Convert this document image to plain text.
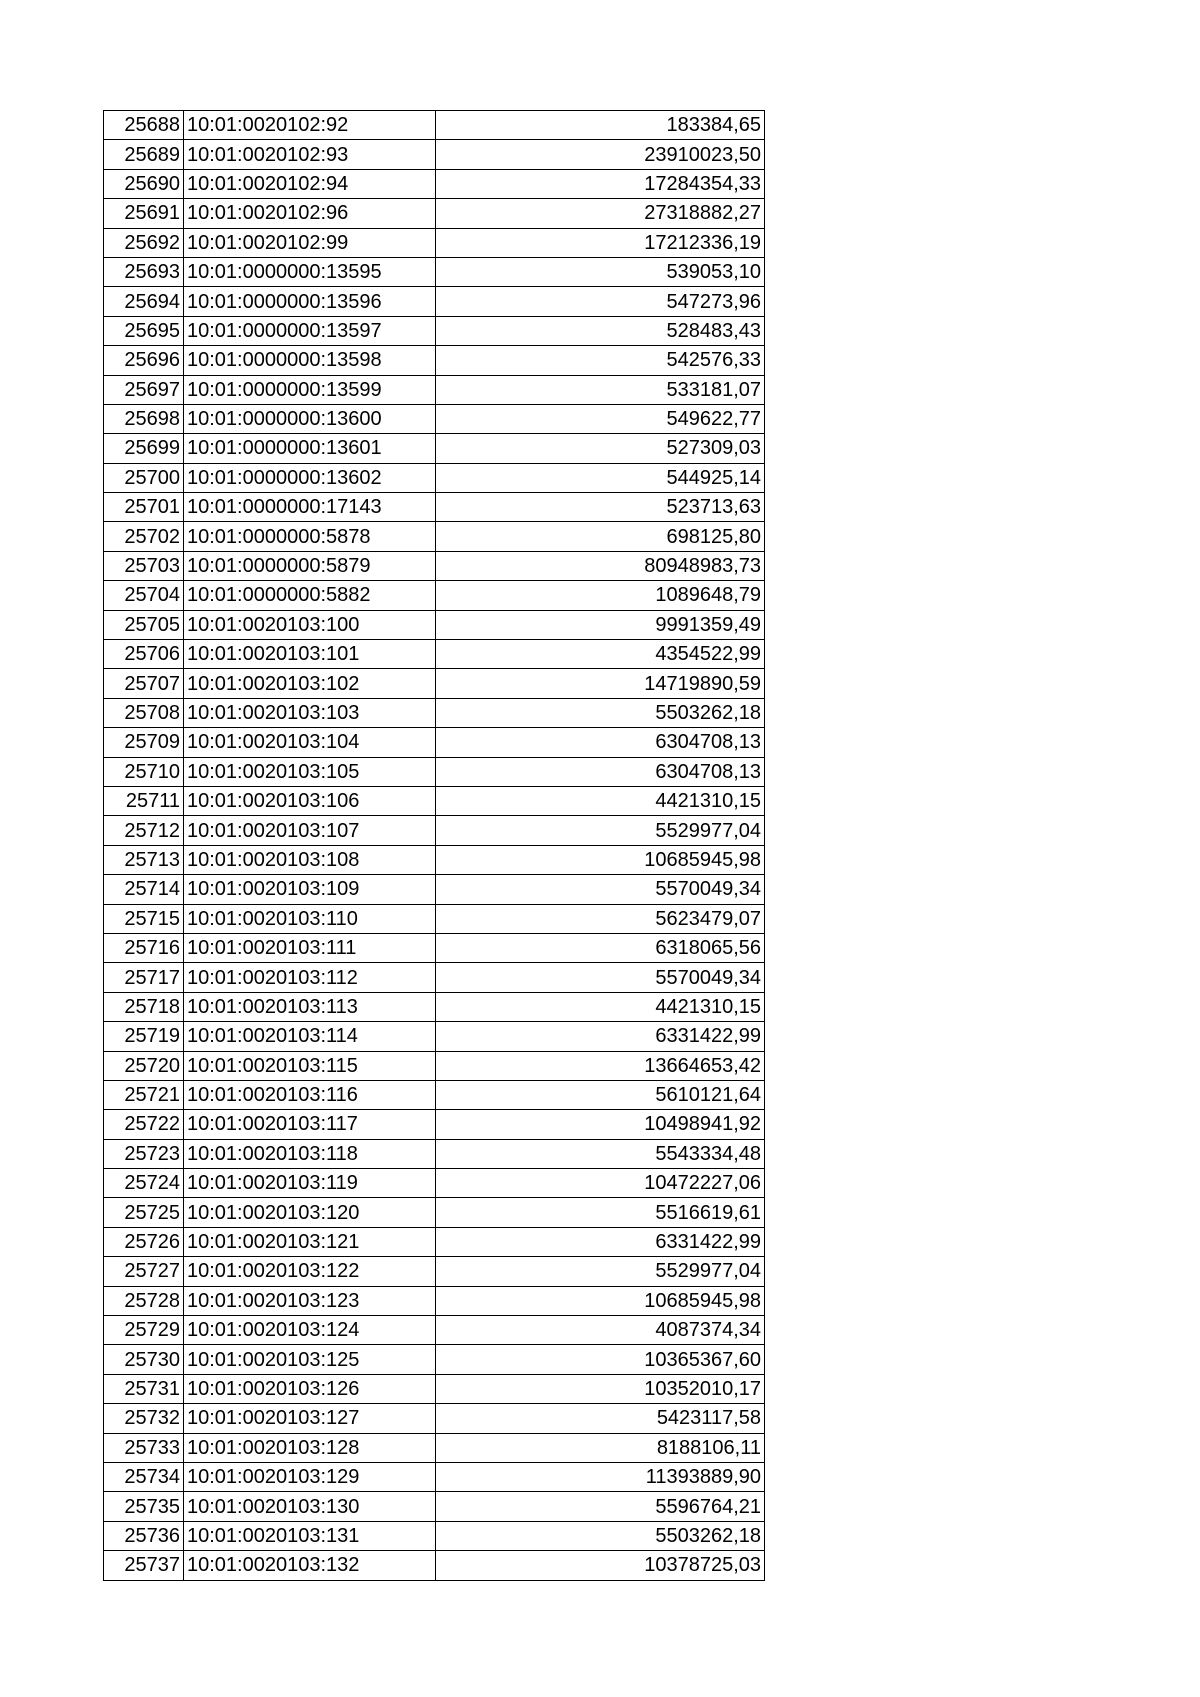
25688	10:01:0020102:92	183384,65
25689	10:01:0020102:93	23910023,50
25690	10:01:0020102:94	17284354,33
25691	10:01:0020102:96	27318882,27
25692	10:01:0020102:99	17212336,19
25693	10:01:0000000:13595	539053,10
25694	10:01:0000000:13596	547273,96
25695	10:01:0000000:13597	528483,43
25696	10:01:0000000:13598	542576,33
25697	10:01:0000000:13599	533181,07
25698	10:01:0000000:13600	549622,77
25699	10:01:0000000:13601	527309,03
25700	10:01:0000000:13602	544925,14
25701	10:01:0000000:17143	523713,63
25702	10:01:0000000:5878	698125,80
25703	10:01:0000000:5879	80948983,73
25704	10:01:0000000:5882	1089648,79
25705	10:01:0020103:100	9991359,49
25706	10:01:0020103:101	4354522,99
25707	10:01:0020103:102	14719890,59
25708	10:01:0020103:103	5503262,18
25709	10:01:0020103:104	6304708,13
25710	10:01:0020103:105	6304708,13
25711	10:01:0020103:106	4421310,15
25712	10:01:0020103:107	5529977,04
25713	10:01:0020103:108	10685945,98
25714	10:01:0020103:109	5570049,34
25715	10:01:0020103:110	5623479,07
25716	10:01:0020103:111	6318065,56
25717	10:01:0020103:112	5570049,34
25718	10:01:0020103:113	4421310,15
25719	10:01:0020103:114	6331422,99
25720	10:01:0020103:115	13664653,42
25721	10:01:0020103:116	5610121,64
25722	10:01:0020103:117	10498941,92
25723	10:01:0020103:118	5543334,48
25724	10:01:0020103:119	10472227,06
25725	10:01:0020103:120	5516619,61
25726	10:01:0020103:121	6331422,99
25727	10:01:0020103:122	5529977,04
25728	10:01:0020103:123	10685945,98
25729	10:01:0020103:124	4087374,34
25730	10:01:0020103:125	10365367,60
25731	10:01:0020103:126	10352010,17
25732	10:01:0020103:127	5423117,58
25733	10:01:0020103:128	8188106,11
25734	10:01:0020103:129	11393889,90
25735	10:01:0020103:130	5596764,21
25736	10:01:0020103:131	5503262,18
25737	10:01:0020103:132	10378725,03
